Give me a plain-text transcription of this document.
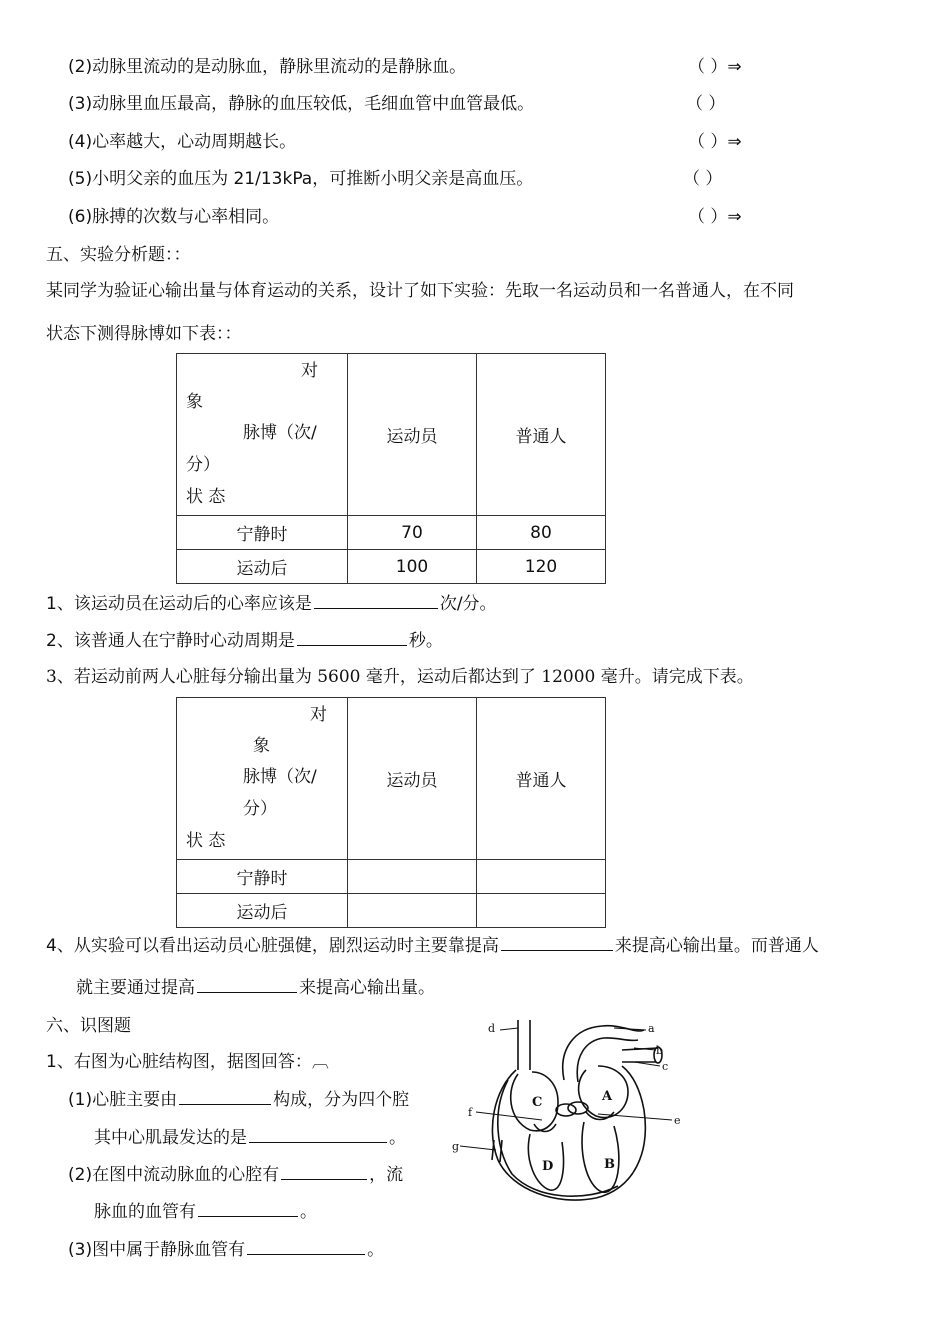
(2)动脉里流动的是动脉血，静脉里流动的是静脉血。	（ ）⇒
(3)动脉里血压最高，静脉的血压较低，毛细血管中血管最低。	（ ）
(4)心率越大，心动周期越长。	（ ）⇒
(5)小明父亲的血压为 21/13kPa，可推断小明父亲是高血压。	（ ）
(6)脉搏的次数与心率相同。	（ ）⇒
五、实验分析题：：
某同学为验证心输出量与体育运动的关系，设计了如下实验：先取一名运动员和一名普通人，在不同
状态下测得脉博如下表：：
对
象
脉博（次/
分）
状 态	运动员	普通人
宁静时	70	80
运动后	100	120
1、该运动员在运动后的心率应该是	次/分。
2、该普通人在宁静时心动周期是	秒。
3、若运动前两人心脏每分输出量为 5600 毫升，运动后都达到了 12000 毫升。请完成下表。
对
象
脉博（次/
分）
状 态	运动员	普通人
宁静时		
运动后		
4、从实验可以看出运动员心脏强健，剧烈运动时主要靠提高	来提高心输出量。而普通人
就主要通过提高	来提高心输出量。
六、识图题
1、右图为心脏结构图，据图回答：︹
(1)心脏主要由	构成，分为四个腔
其中心肌最发达的是	。
(2)在图中流动脉血的心腔有	，流
脉血的血管有	。
(3)图中属于静脉血管有	。
d	a
b
c
f
e
g
C	A
D	B
